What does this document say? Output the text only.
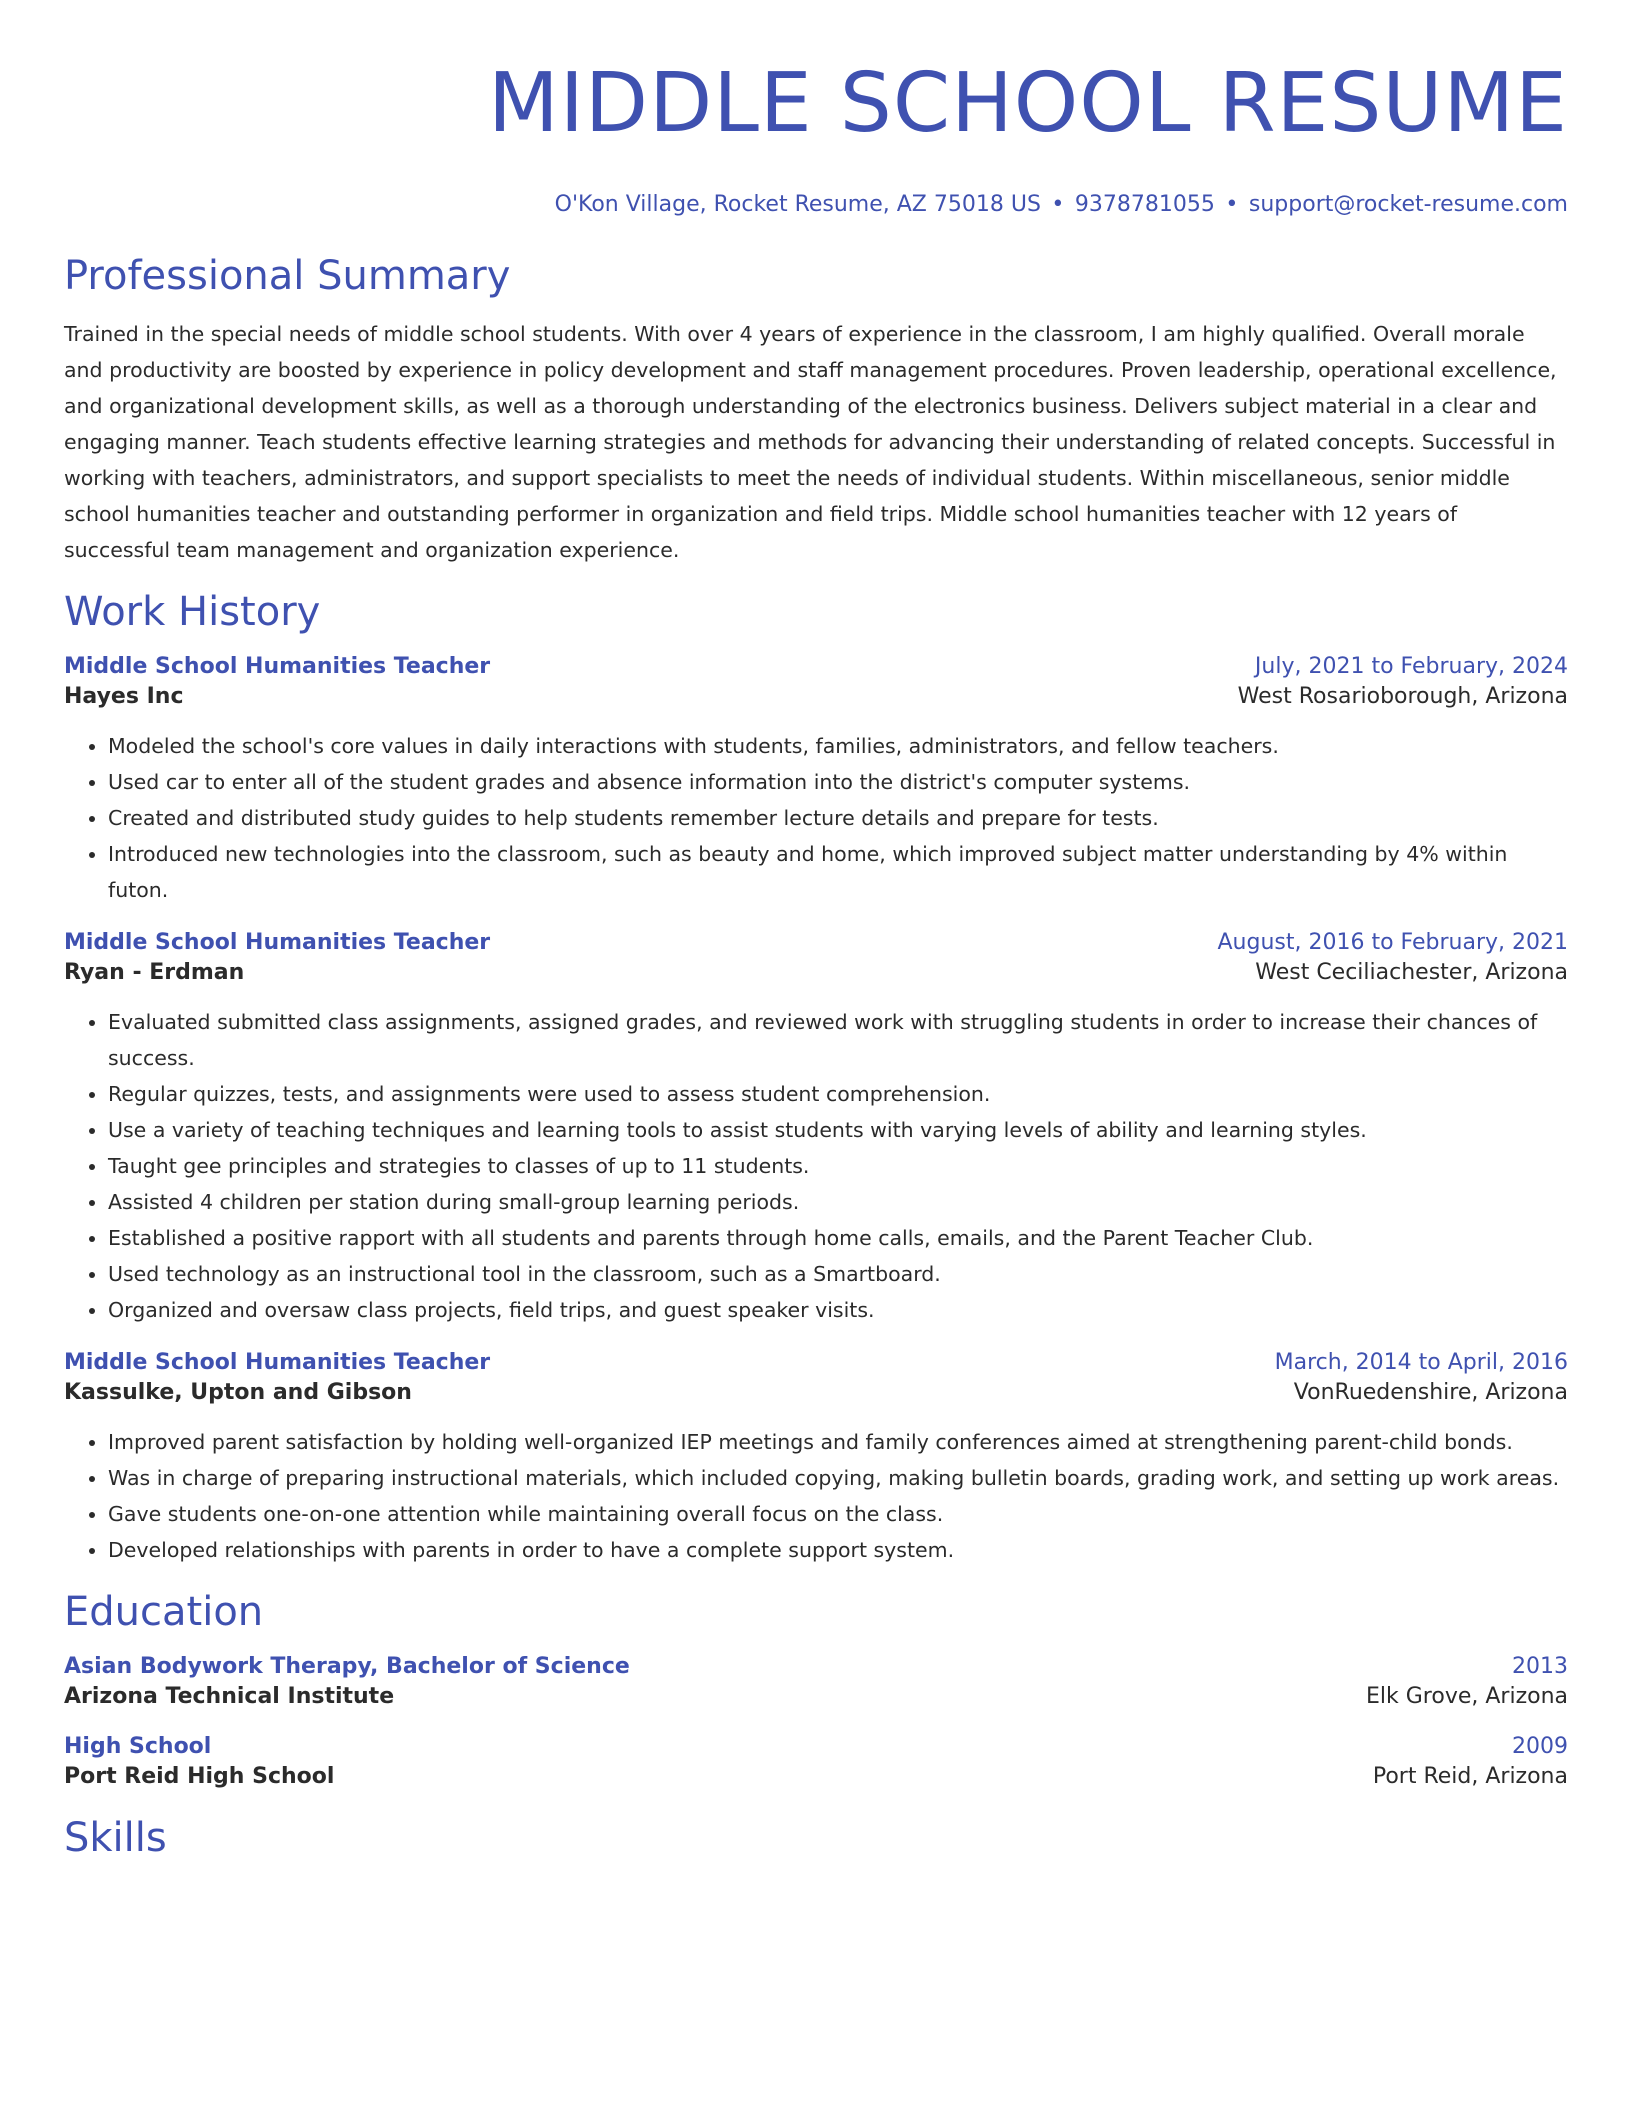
MIDDLE SCHOOL RESUME
O'Kon Village, Rocket Resume, AZ 75018 US • 9378781055 • support@rocket-resume.com
Professional Summary

Trained in the special needs of middle school students. With over 4 years of experience in the classroom, I am highly qualified. Overall morale and productivity are boosted by experience in policy development and staff management procedures. Proven leadership, operational excellence, and organizational development skills, as well as a thorough understanding of the electronics business. Delivers subject material in a clear and engaging manner. Teach students effective learning strategies and methods for advancing their understanding of related concepts. Successful in working with teachers, administrators, and support specialists to meet the needs of individual students. Within miscellaneous, senior middle school humanities teacher and outstanding performer in organization and field trips. Middle school humanities teacher with 12 years of successful team management and organization experience.

Work History
Middle School Humanities Teacher	July, 2021 to February, 2024
Hayes Inc	West Rosarioborough, Arizona
• Modeled the school's core values in daily interactions with students, families, administrators, and fellow teachers.
• Used car to enter all of the student grades and absence information into the district's computer systems.
• Created and distributed study guides to help students remember lecture details and prepare for tests.
• Introduced new technologies into the classroom, such as beauty and home, which improved subject matter understanding by 4% within futon.
Middle School Humanities Teacher	August, 2016 to February, 2021
Ryan - Erdman	West Ceciliachester, Arizona
• Evaluated submitted class assignments, assigned grades, and reviewed work with struggling students in order to increase their chances of success.
• Regular quizzes, tests, and assignments were used to assess student comprehension.
• Use a variety of teaching techniques and learning tools to assist students with varying levels of ability and learning styles.
• Taught gee principles and strategies to classes of up to 11 students.
• Assisted 4 children per station during small-group learning periods.
• Established a positive rapport with all students and parents through home calls, emails, and the Parent Teacher Club.
• Used technology as an instructional tool in the classroom, such as a Smartboard.
• Organized and oversaw class projects, field trips, and guest speaker visits.
Middle School Humanities Teacher	March, 2014 to April, 2016
Kassulke, Upton and Gibson	VonRuedenshire, Arizona
• Improved parent satisfaction by holding well-organized IEP meetings and family conferences aimed at strengthening parent-child bonds.
• Was in charge of preparing instructional materials, which included copying, making bulletin boards, grading work, and setting up work areas.
• Gave students one-on-one attention while maintaining overall focus on the class.
• Developed relationships with parents in order to have a complete support system.
Education
Asian Bodywork Therapy, Bachelor of Science	2013
Arizona Technical Institute	Elk Grove, Arizona
High School	2009
Port Reid High School	Port Reid, Arizona
Skills
